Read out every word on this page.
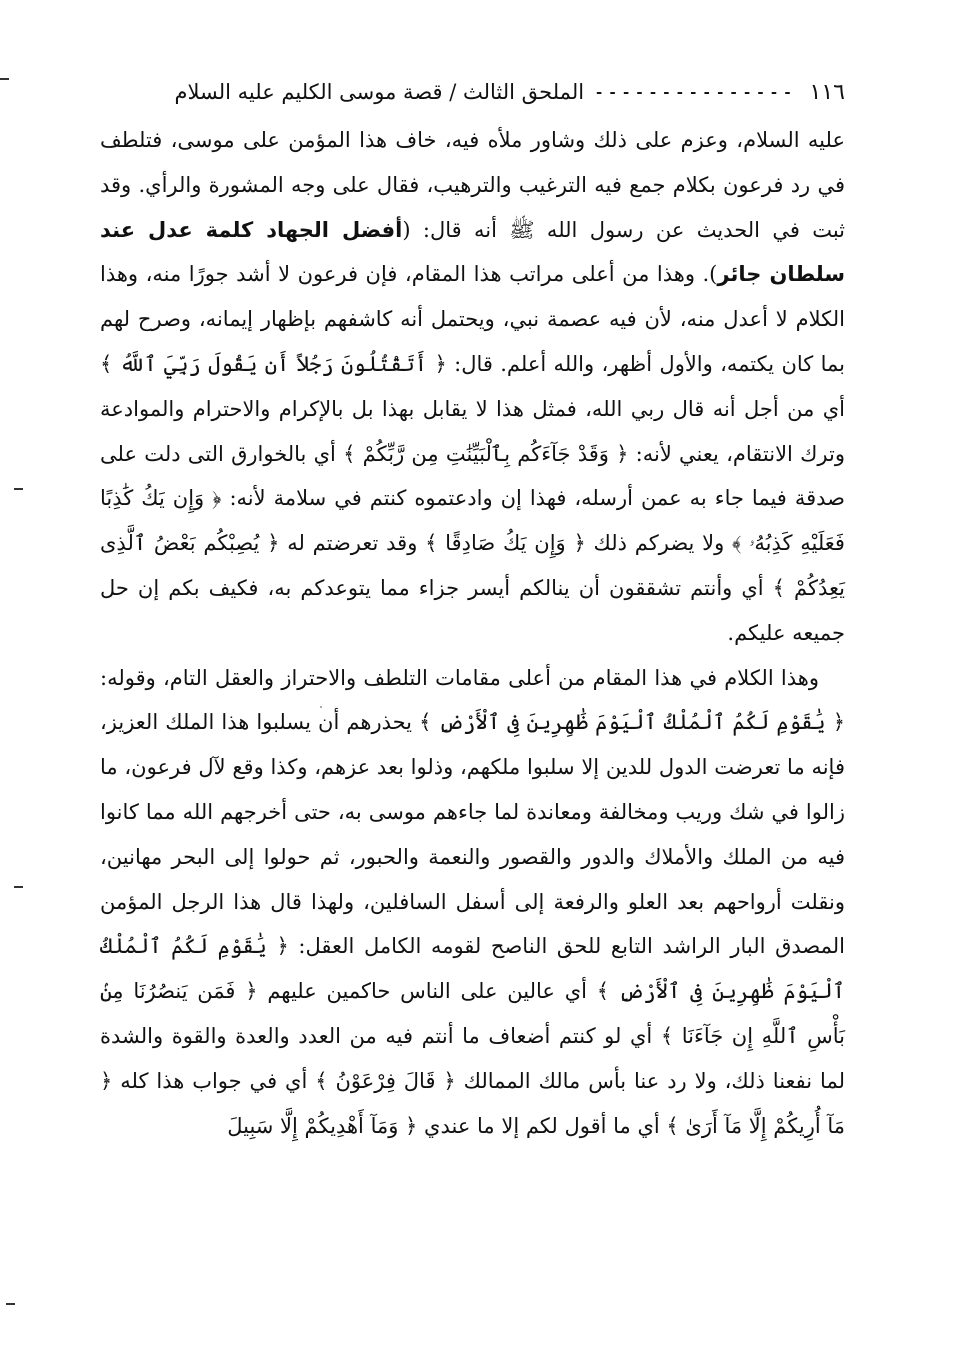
١١٦
- - - - - - - - - - - - - - -
الملحق الثالث / قصة موسى الكليم عليه السلام

عليه السلام، وعزم على ذلك وشاور ملأه فيه، خاف هذا المؤمن على موسى، فتلطف في رد فرعون بكلام جمع فيه الترغيب والترهيب، فقال على وجه المشورة والرأي. وقد ثبت في الحديث عن رسول الله ﷺ أنه قال: (أفضل الجهاد كلمة عدل عند سلطان جائر). وهذا من أعلى مراتب هذا المقام، فإن فرعون لا أشد جورًا منه، وهذا الكلام لا أعدل منه، لأن فيه عصمة نبي، ويحتمل أنه كاشفهم بإظهار إيمانه، وصرح لهم بما كان يكتمه، والأول أظهر، والله أعلم. قال: ﴿ أَتَقْتُلُونَ رَجُلاً أَن يَقُولَ رَبِّيَ ٱللَّهُ ﴾ أي من أجل أنه قال ربي الله، فمثل هذا لا يقابل بهذا بل بالإكرام والاحترام والموادعة وترك الانتقام، يعني لأنه: ﴿ وَقَدْ جَآءَكُم بِٱلْبَيِّنَٰتِ مِن رَّبِّكُمْ ﴾ أي بالخوارق التى دلت على صدقة فيما جاء به عمن أرسله، فهذا إن وادعتموه كنتم في سلامة لأنه: ﴿ وَإِن يَكُ كَٰذِبًا فَعَلَيْهِ كَذِبُهُۥ ﴾ ولا يضركم ذلك ﴿ وَإِن يَكُ صَادِقًا ﴾ وقد تعرضتم له ﴿ يُصِبْكُم بَعْضُ ٱلَّذِى يَعِدُكُمْ ﴾ أي وأنتم تشققون أن ينالكم أيسر جزاء مما يتوعدكم به، فكيف بكم إن حل جميعه عليكم.

وهذا الكلام في هذا المقام من أعلى مقامات التلطف والاحتراز والعقل التام، وقوله: ﴿ يَٰقَوْمِ لَكُمُ ٱلْمُلْكُ ٱلْيَوْمَ ظَٰهِرِينَ فِى ٱلْأَرْضِ ﴾ يحذرهم أن يسلبوا هذا الملك العزيز، فإنه ما تعرضت الدول للدين إلا سلبوا ملكهم، وذلوا بعد عزهم، وكذا وقع لآل فرعون، ما زالوا في شك وريب ومخالفة ومعاندة لما جاءهم موسى به، حتى أخرجهم الله مما كانوا فيه من الملك والأملاك والدور والقصور والنعمة والحبور، ثم حولوا إلى البحر مهانين، ونقلت أرواحهم بعد العلو والرفعة إلى أسفل السافلين، ولهذا قال هذا الرجل المؤمن المصدق البار الراشد التابع للحق الناصح لقومه الكامل العقل: ﴿ يَٰقَوْمِ لَكُمُ ٱلْمُلْكُ ٱلْيَوْمَ ظَٰهِرِينَ فِى ٱلْأَرْضِ ﴾ أي عالين على الناس حاكمين عليهم ﴿ فَمَن يَنصُرُنَا مِنۢ بَأْسِ ٱللَّهِ إِن جَآءَنَا ﴾ أي لو كنتم أضعاف ما أنتم فيه من العدد والعدة والقوة والشدة لما نفعنا ذلك، ولا رد عنا بأس مالك الممالك ﴿ قَالَ فِرْعَوْنُ ﴾ أي في جواب هذا كله ﴿ مَآ أُرِيكُمْ إِلَّا مَآ أَرَىٰ ﴾ أي ما أقول لكم إلا ما عندي ﴿ وَمَآ أَهْدِيكُمْ إِلَّا سَبِيلَ
